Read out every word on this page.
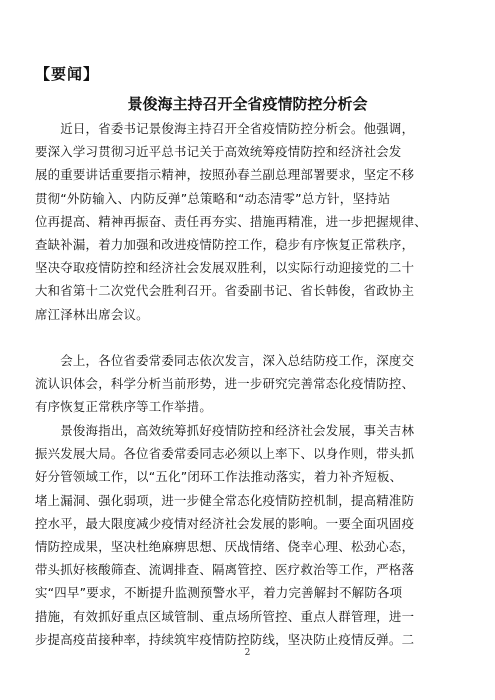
【要闻】
景俊海主持召开全省疫情防控分析会
　　近日，省委书记景俊海主持召开全省疫情防控分析会。他强调，
要深入学习贯彻习近平总书记关于高效统筹疫情防控和经济社会发
展的重要讲话重要指示精神，按照孙春兰副总理部署要求，坚定不移
贯彻“外防输入、内防反弹”总策略和“动态清零”总方针，坚持站
位再提高、精神再振奋、责任再夯实、措施再精准，进一步把握规律、
查缺补漏，着力加强和改进疫情防控工作，稳步有序恢复正常秩序，
坚决夺取疫情防控和经济社会发展双胜利，以实际行动迎接党的二十
大和省第十二次党代会胜利召开。省委副书记、省长韩俊，省政协主
席江泽林出席会议。
　　会上，各位省委常委同志依次发言，深入总结防疫工作，深度交
流认识体会，科学分析当前形势，进一步研究完善常态化疫情防控、
有序恢复正常秩序等工作举措。
　　景俊海指出，高效统筹抓好疫情防控和经济社会发展，事关吉林
振兴发展大局。各位省委常委同志必须以上率下、以身作则，带头抓
好分管领域工作，以“五化”闭环工作法推动落实，着力补齐短板、
堵上漏洞、强化弱项，进一步健全常态化疫情防控机制，提高精准防
控水平，最大限度减少疫情对经济社会发展的影响。一要全面巩固疫
情防控成果，坚决杜绝麻痹思想、厌战情绪、侥幸心理、松劲心态，
带头抓好核酸筛查、流调排查、隔离管控、医疗救治等工作，严格落
实“四早”要求，不断提升监测预警水平，着力完善解封不解防各项
措施，有效抓好重点区域管制、重点场所管控、重点人群管理，进一
步提高疫苗接种率，持续筑牢疫情防控防线，坚决防止疫情反弹。二
2
